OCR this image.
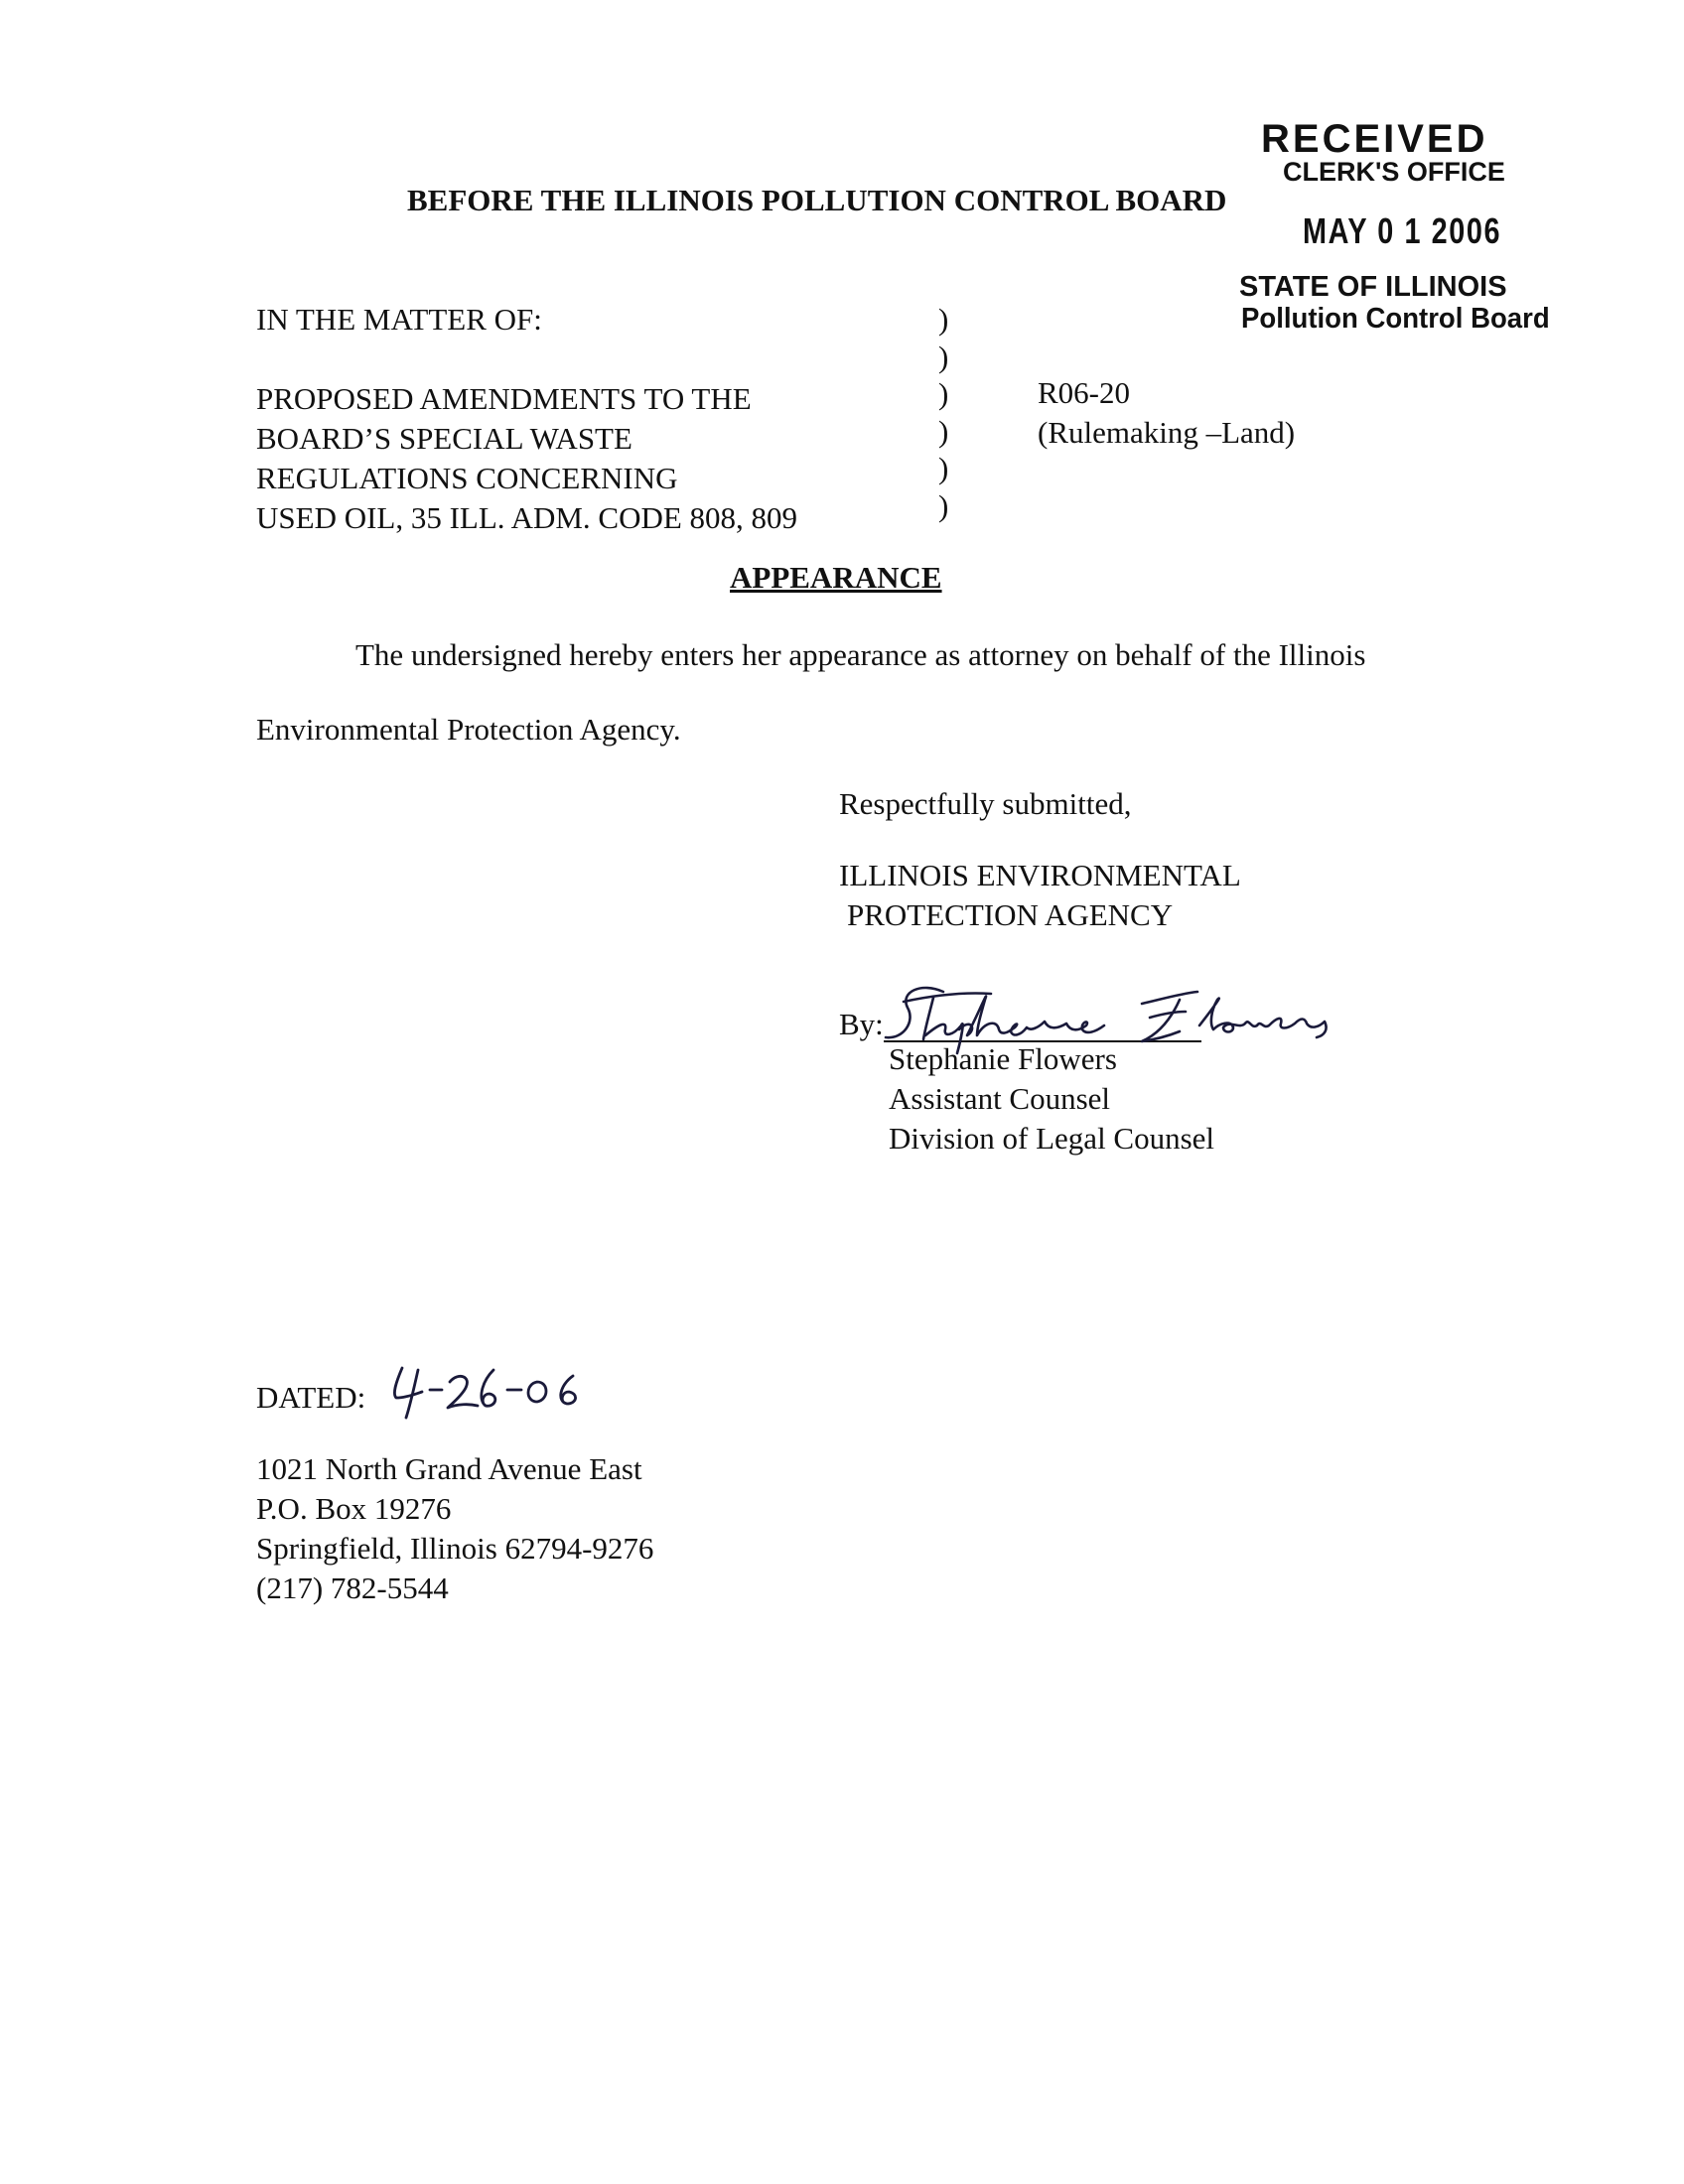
RECEIVED
CLERK'S OFFICE
MAY 0 1 2006
STATE OF ILLINOIS
Pollution Control Board
BEFORE THE ILLINOIS POLLUTION CONTROL BOARD
IN THE MATTER OF:
PROPOSED AMENDMENTS TO THE
BOARD’S SPECIAL WASTE
REGULATIONS CONCERNING
USED OIL, 35 ILL. ADM. CODE 808, 809
)
)
)
)
)
)
R06-20
(Rulemaking –Land)
APPEARANCE
The undersigned hereby enters her appearance as attorney on behalf of the Illinois
Environmental Protection Agency.
Respectfully submitted,
ILLINOIS ENVIRONMENTAL
PROTECTION AGENCY
By:
Stephanie Flowers
Assistant Counsel
Division of Legal Counsel
DATED:
1021 North Grand Avenue East
P.O. Box 19276
Springfield, Illinois 62794-9276
(217) 782-5544
